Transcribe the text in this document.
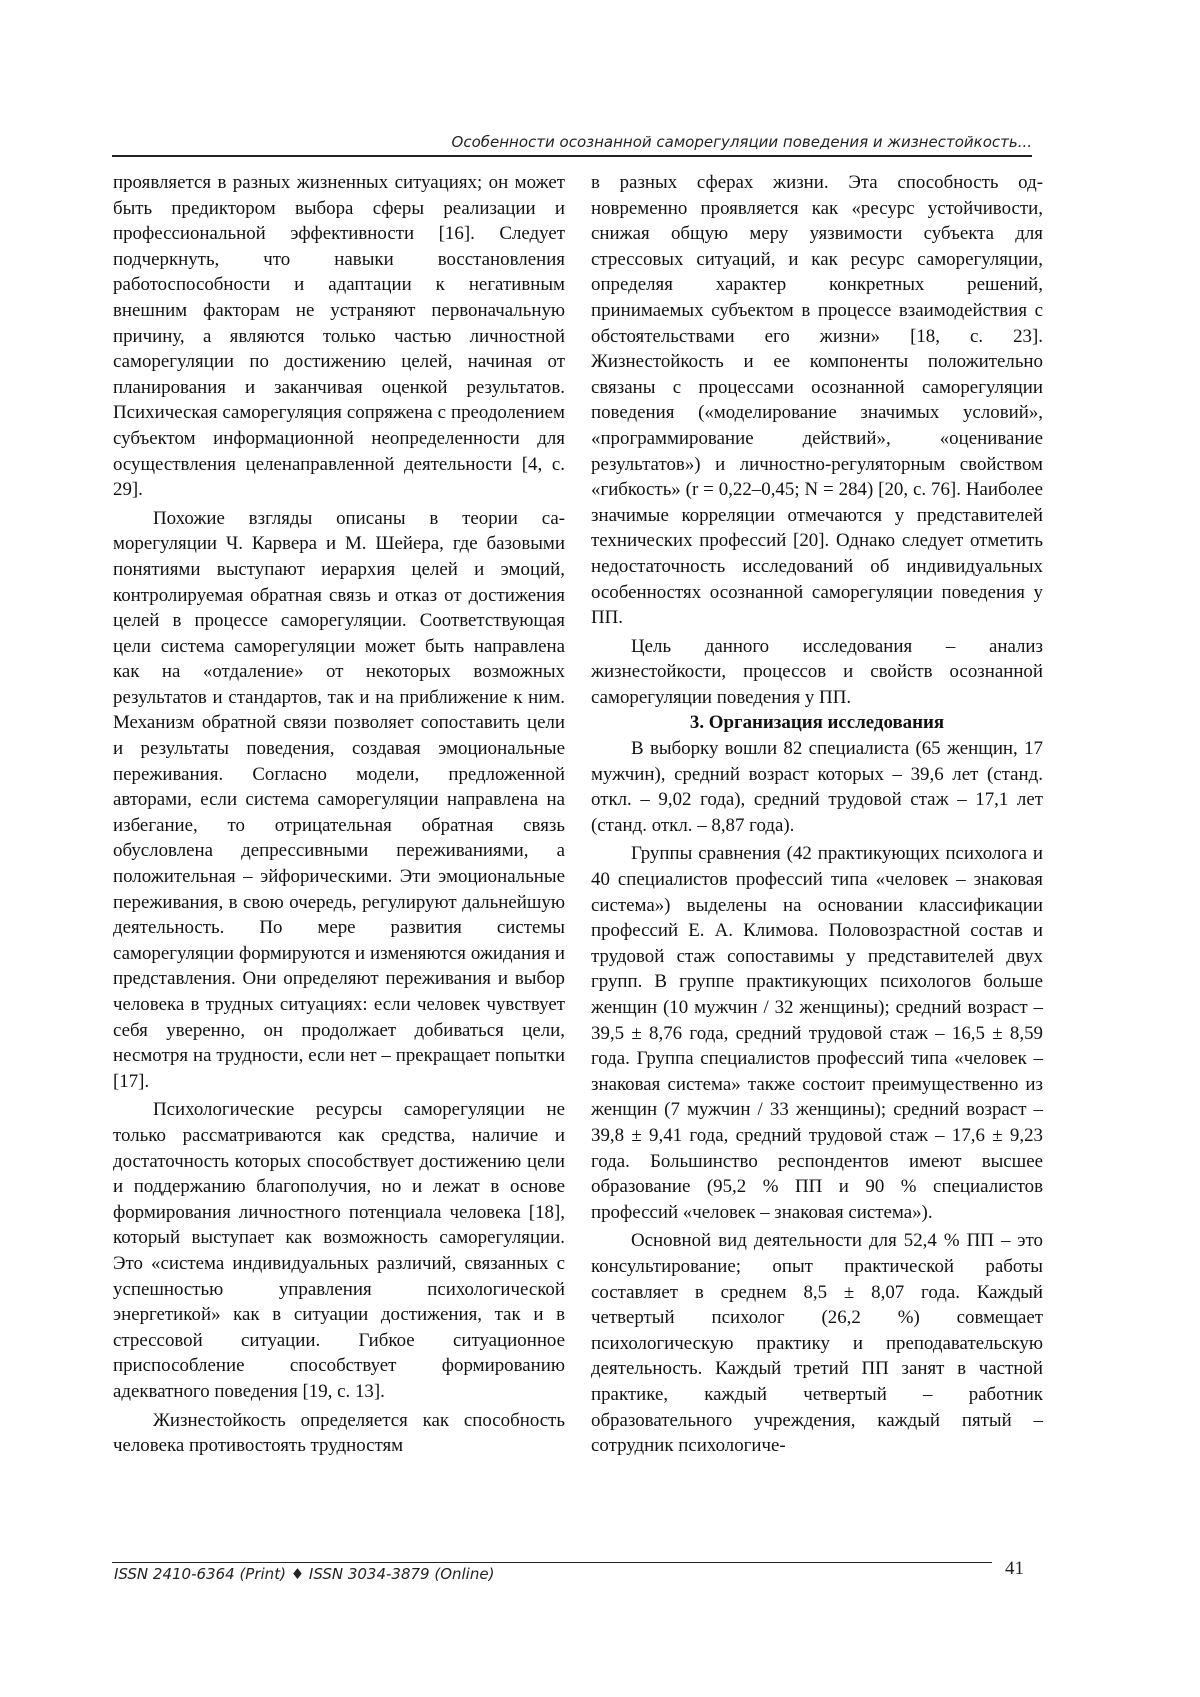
Особенности осознанной саморегуляции поведения и жизнестойкость...

проявляется в разных жизненных ситуациях; он может быть предиктором выбора сферы реализации и профессиональной эффективности [16]. Следует подчеркнуть, что навыки восстановления работоспособности и адаптации к негативным внешним факторам не устраняют первоначальную причину, а являются только частью личностной саморегуляции по достижению целей, начиная от планирования и заканчивая оценкой результатов. Психическая саморегуляция сопряжена с преодолением субъектом информационной неопределенности для осуществления целенаправленной деятельности [4, с. 29].

Похожие взгляды описаны в теории саморегуляции Ч. Карвера и М. Шейера, где базовыми понятиями выступают иерархия целей и эмоций, контролируемая обратная связь и отказ от достижения целей в процессе саморегуляции. Соответствующая цели система саморегуляции может быть направлена как на «отдаление» от некоторых возможных результатов и стандартов, так и на приближение к ним. Механизм обратной связи позволяет сопоставить цели и результаты поведения, создавая эмоциональные переживания. Согласно модели, предложенной авторами, если система саморегуляции направлена на избегание, то отрицательная обратная связь обусловлена депрессивными переживаниями, а положительная – эйфорическими. Эти эмоциональные переживания, в свою очередь, регулируют дальнейшую деятельность. По мере развития системы саморегуляции формируются и изменяются ожидания и представления. Они определяют переживания и выбор человека в трудных ситуациях: если человек чувствует себя уверенно, он продолжает добиваться цели, несмотря на трудности, если нет – прекращает попытки [17].

Психологические ресурсы саморегуляции не только рассматриваются как средства, наличие и достаточность которых способствует достижению цели и поддержанию благополучия, но и лежат в основе формирования личностного потенциала человека [18], который выступает как возможность саморегуляции. Это «система индивидуальных различий, связанных с успешностью управления психологической энергетикой» как в ситуации достижения, так и в стрессовой ситуации. Гибкое ситуационное приспособление способствует формированию адекватного поведения [19, с. 13].

Жизнестойкость определяется как способность человека противостоять трудностям

в разных сферах жизни. Эта способность одновременно проявляется как «ресурс устойчивости, снижая общую меру уязвимости субъекта для стрессовых ситуаций, и как ресурс саморегуляции, определяя характер конкретных решений, принимаемых субъектом в процессе взаимодействия с обстоятельствами его жизни» [18, с. 23]. Жизнестойкость и ее компоненты положительно связаны с процессами осознанной саморегуляции поведения («моделирование значимых условий», «программирование действий», «оценивание результатов») и личностно-регуляторным свойством «гибкость» (r = 0,22–0,45; N = 284) [20, с. 76]. Наиболее значимые корреляции отмечаются у представителей технических профессий [20]. Однако следует отметить недостаточность исследований об индивидуальных особенностях осознанной саморегуляции поведения у ПП.

Цель данного исследования – анализ жизнестойкости, процессов и свойств осознанной саморегуляции поведения у ПП.

3. Организация исследования

В выборку вошли 82 специалиста (65 женщин, 17 мужчин), средний возраст которых – 39,6 лет (станд. откл. – 9,02 года), средний трудовой стаж – 17,1 лет (станд. откл. – 8,87 года).

Группы сравнения (42 практикующих психолога и 40 специалистов профессий типа «человек – знаковая система») выделены на основании классификации профессий Е. А. Климова. Половозрастной состав и трудовой стаж сопоставимы у представителей двух групп. В группе практикующих психологов больше женщин (10 мужчин / 32 женщины); средний возраст – 39,5 ± 8,76 года, средний трудовой стаж – 16,5 ± 8,59 года. Группа специалистов профессий типа «человек – знаковая система» также состоит преимущественно из женщин (7 мужчин / 33 женщины); средний возраст – 39,8 ± 9,41 года, средний трудовой стаж – 17,6 ± 9,23 года. Большинство респондентов имеют высшее образование (95,2 % ПП и 90 % специалистов профессий «человек – знаковая система»).

Основной вид деятельности для 52,4 % ПП – это консультирование; опыт практической работы составляет в среднем 8,5 ± 8,07 года. Каждый четвертый психолог (26,2 %) совмещает психологическую практику и преподавательскую деятельность. Каждый третий ПП занят в частной практике, каждый четвертый – работник образовательного учреждения, каждый пятый – сотрудник психологиче-

ISSN 2410-6364 (Print) ♦ ISSN 3034-3879 (Online)	41
